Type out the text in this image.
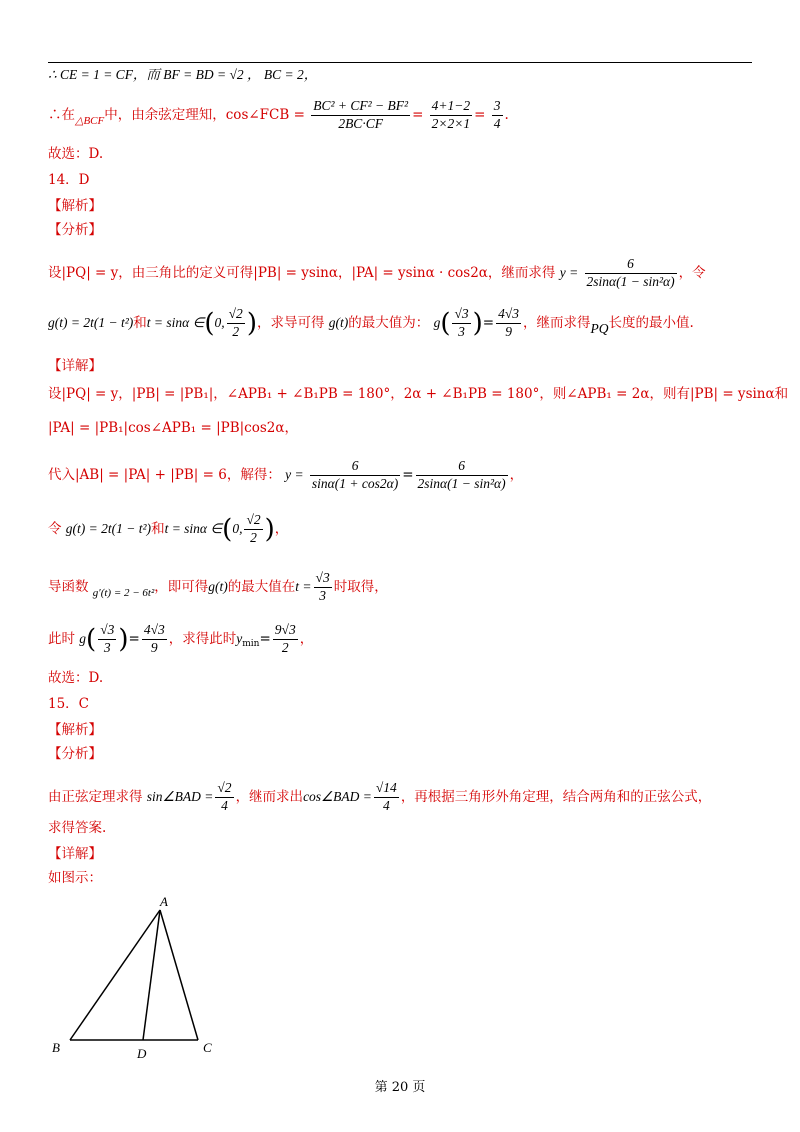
∴ CE = 1 = CF，而 BF = BD = √2 ， BC = 2，
∴在$_{\triangle BCF}$中，由余弦定理知，cos∠FCB = $\frac{\text{BC² + CF² − BF²}}{2BC\cdot CF} = \frac{4+1-2}{2\times 2\times 1} = \frac{3}{4}$ .
故选：D.
14．D
【解析】
【分析】
设|PQ| = y，由三角比的定义可得|PB| = ysinα，|PA| = ysinα · cos2α，继而求得 $y = \frac{6}{\text{2sinα(1 − sin²α)}}$ ，令
g(t) = 2t(1 − t²)和t = sinα ∈(0, $\frac{√2}{2}$ )，求导可得 g(t)的最大值为： $g( \frac{√3}{3}$ )= $\frac{4√3}{9}$ ，继而求得PQ长度的最小值.
【详解】
设|PQ| = y，|PB| = |PB₁|，∠APB₁ + ∠B₁PB = 180°，2α + ∠B₁PB = 180°，则∠APB₁ = 2α，则有|PB| = ysinα和
|PA| = |PB₁|cos∠APB₁ = |PB|cos2α，
代入|AB| = |PA| + |PB| = 6，解得： $y = \frac{6}{\sin\alpha(1 + \cos 2\alpha)} = \frac{6}{\text{2sinα(1 − sin²α)}}$ ，
令 g(t) = 2t(1 − t²)和t = sinα ∈(0, $\frac{√2}{2}$ )，
导函数 $_{g'(t) = 2 - 6t^2}$，即可得g(t)的最大值在$t = \frac{√3}{3}$ 时取得，
此时 $g( \frac{√3}{3}$ )= $\frac{4√3}{9}$ ，求得此时$y_{min}= \frac{9√3}{2}$ ，
故选：D.
15．C
【解析】
【分析】
由正弦定理求得 sin∠BAD = $\frac{√2}{4}$ ，继而求出cos∠BAD = $\frac{√14}{4}$ ，再根据三角形外角定理，结合两角和的正弦公式，
求得答案.
【详解】
如图示：
A
B	D	C
第 20 页
